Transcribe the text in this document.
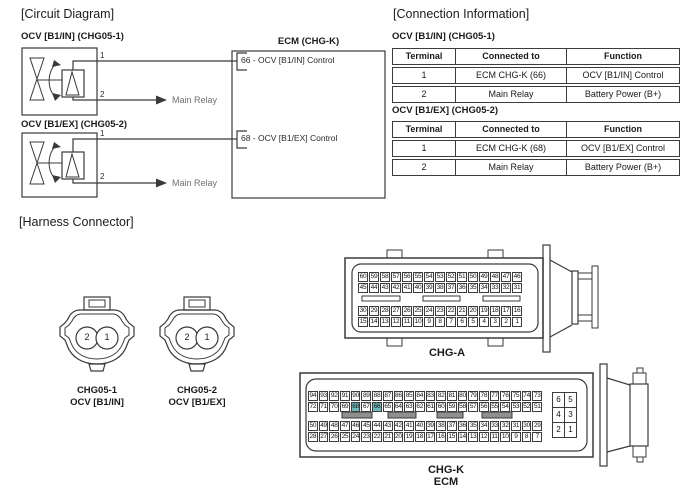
[Circuit Diagram]
OCV [B1/IN] (CHG05-1)
OCV [B1/EX] (CHG05-2)
1
2
1
2
Main Relay
Main Relay
ECM (CHG-K)
66 - OCV [B1/IN] Control
68 - OCV [B1/EX] Control
[Connection Information]
OCV [B1/IN] (CHG05-1)
Terminal	Connected to	Function
1	ECM CHG-K (66)	OCV [B1/IN] Control
2	Main Relay	Battery Power (B+)
OCV [B1/EX] (CHG05-2)
Terminal	Connected to	Function
1	ECM CHG-K (68)	OCV [B1/EX] Control
2	Main Relay	Battery Power (B+)
[Harness Connector]
2	1	2	1
CHG05-1
OCV [B1/IN]
CHG05-2
OCV [B1/EX]
60 59 58 57 56 55 54 53 52 51 50 49 48 47 46
45 44 43 42 41 40 39 38 37 36 35 34 33 32 31
30 29 28 27 26 25 24 23 22 21 20 19 18 17 16
15 14 13 12 11 10 9	8	7	6	5	4	3	2	1
CHG-A
94 93 92 91 90 89 88 87 86 85 84 83 82 81 80 79 78 77 76 75 74 73
72 71 70 69 68 67 66 65 64 63 62 61 60 59 58 57 56 55 54 53 52 51
50 49 48 47 46 45 44 43 42 41 40 39 38 37 36 35 34 33 32 31 30 29
28 27 26 25 24 23 22 21 20 19 18 17 16 15 14 13 12 11 10 9	8	7
6 5
4 3
2 1
CHG-K
ECM
